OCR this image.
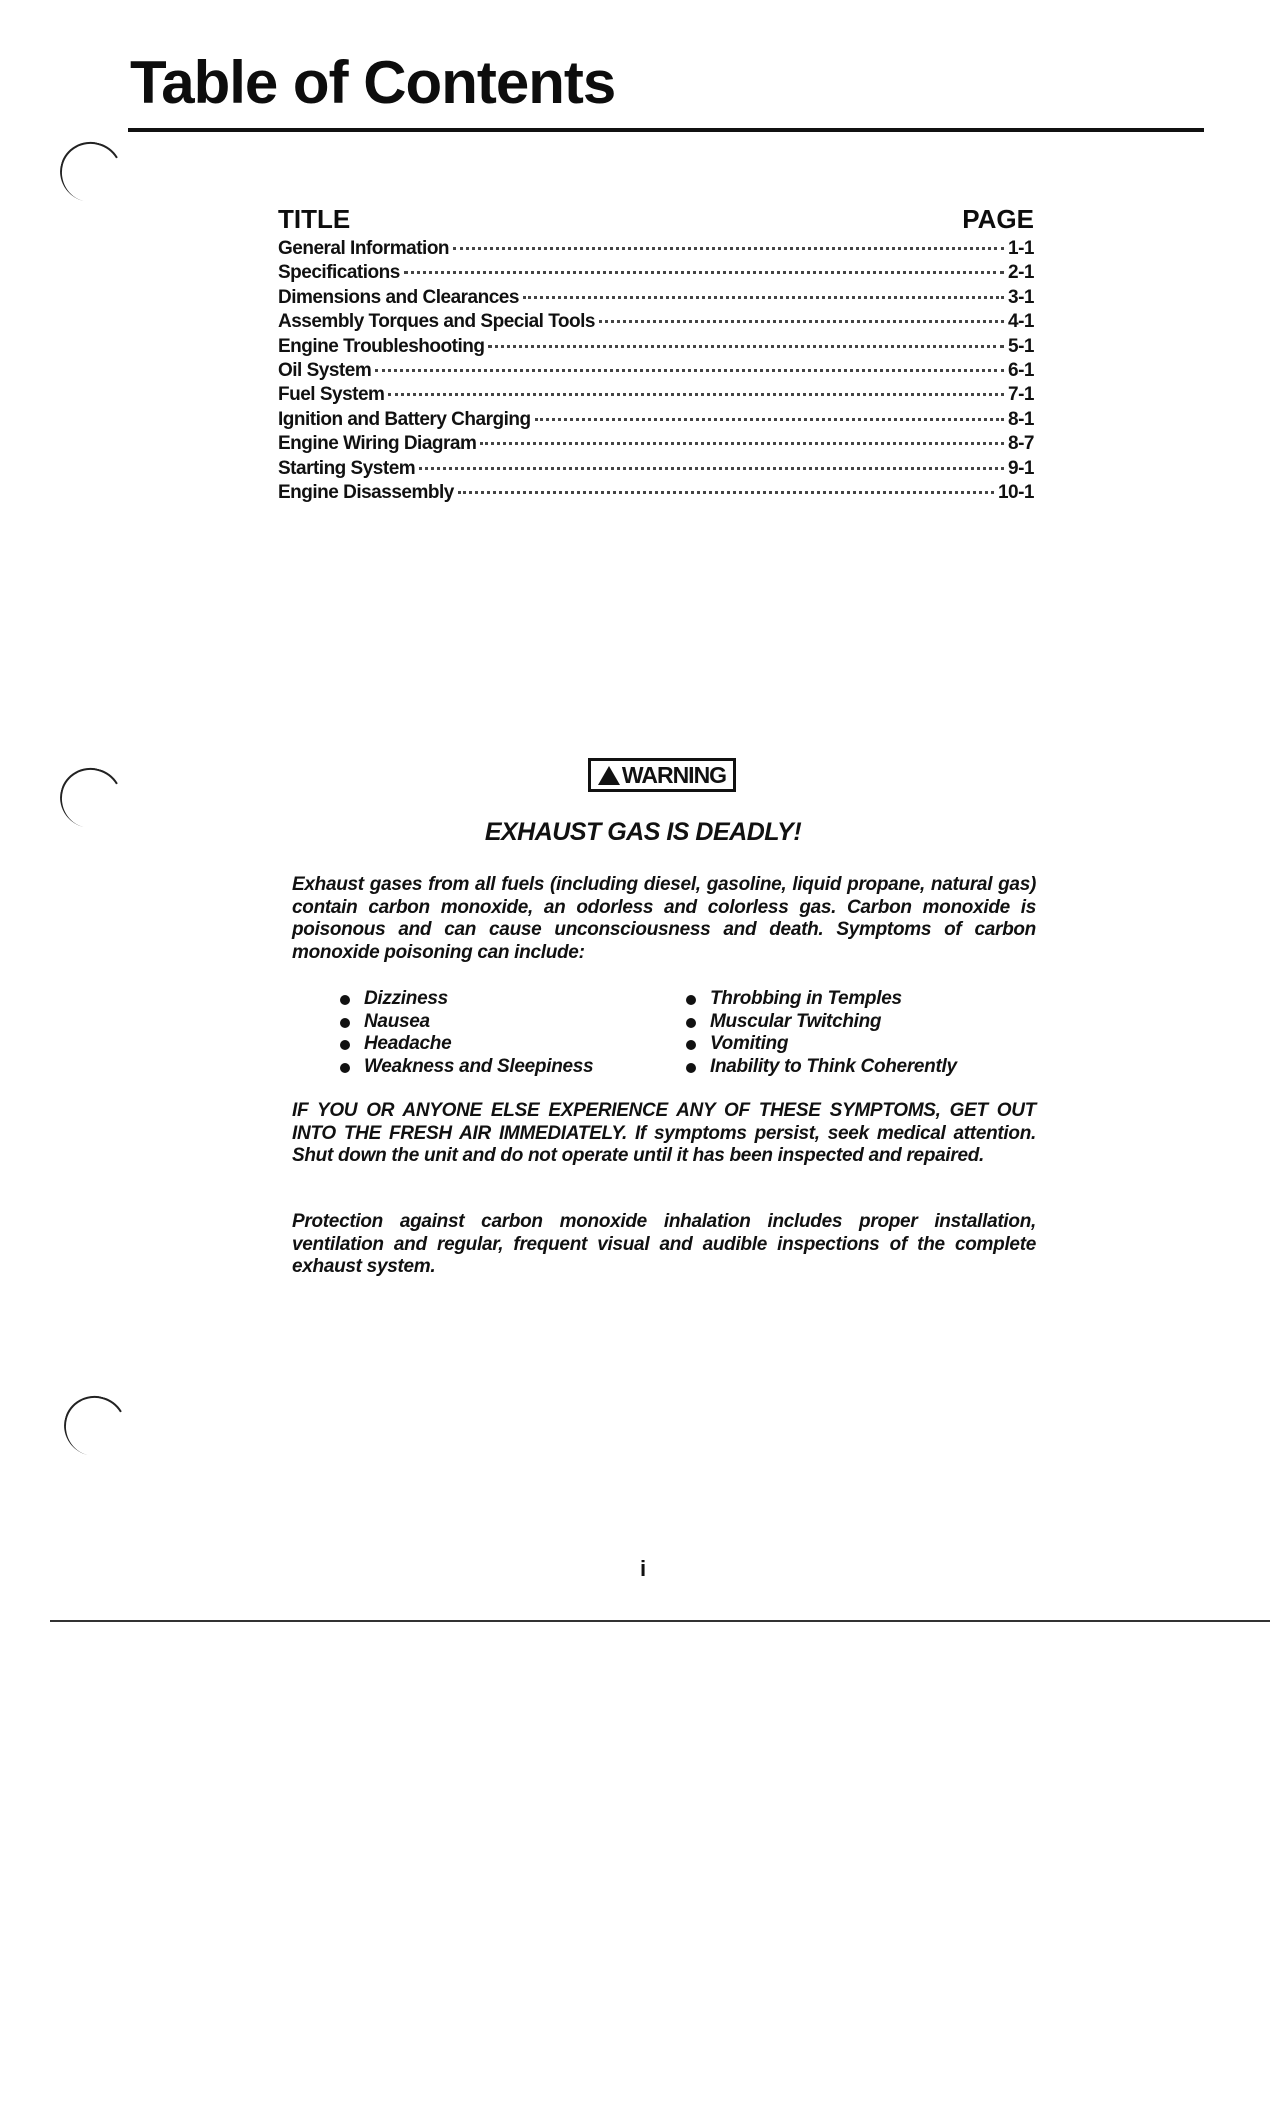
Table of Contents
TITLE	PAGE
General Information	1-1
Specifications	2-1
Dimensions and Clearances	3-1
Assembly Torques and Special Tools	4-1
Engine Troubleshooting	5-1
Oil System	6-1
Fuel System	7-1
Ignition and Battery Charging	8-1
Engine Wiring Diagram	8-7
Starting System	9-1
Engine Disassembly	10-1
WARNING
EXHAUST GAS IS DEADLY!

Exhaust gases from all fuels (including diesel, gasoline, liquid propane, natural gas) contain carbon monoxide, an odorless and colorless gas. Carbon monoxide is poisonous and can cause unconsciousness and death. Symptoms of carbon monoxide poisoning can include:

Dizziness
Nausea
Headache
Weakness and Sleepiness
Throbbing in Temples
Muscular Twitching
Vomiting
Inability to Think Coherently

IF YOU OR ANYONE ELSE EXPERIENCE ANY OF THESE SYMPTOMS, GET OUT INTO THE FRESH AIR IMMEDIATELY. If symptoms persist, seek medical attention. Shut down the unit and do not operate until it has been inspected and repaired.

Protection against carbon monoxide inhalation includes proper installation, ventilation and regular, frequent visual and audible inspections of the complete exhaust system.

i
